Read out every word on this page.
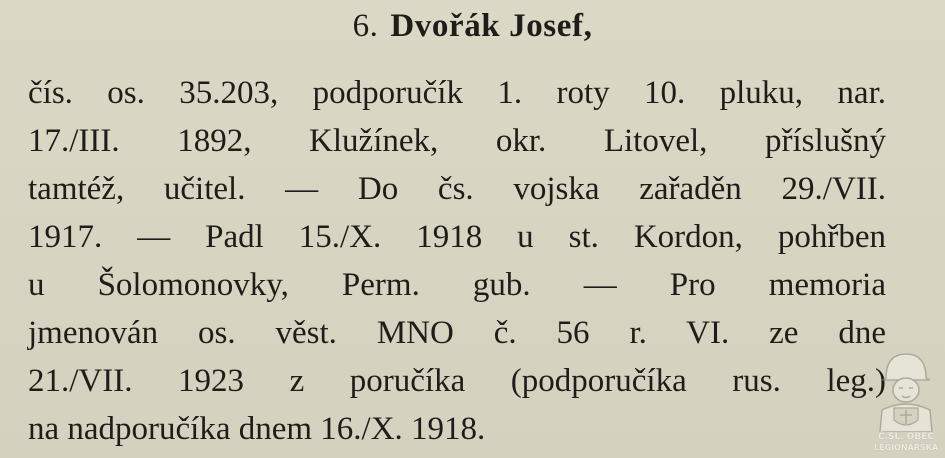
6. Dvořák Josef,
čís. os. 35.203, podporučík 1. roty 10. pluku, nar.
17./III. 1892, Klužínek, okr. Litovel, příslušný
tamtéž, učitel. — Do čs. vojska zařaděn 29./VII.
1917. — Padl 15./X. 1918 u st. Kordon, pohřben
u Šolomonovky, Perm. gub. — Pro memoria
jmenován os. věst. MNO č. 56 r. VI. ze dne
21./VII. 1923 z poručíka (podporučíka rus. leg.)
na nadporučíka dnem 16./X. 1918.	Č.SL. OBEC
LEGIONÁŘSKÁ
